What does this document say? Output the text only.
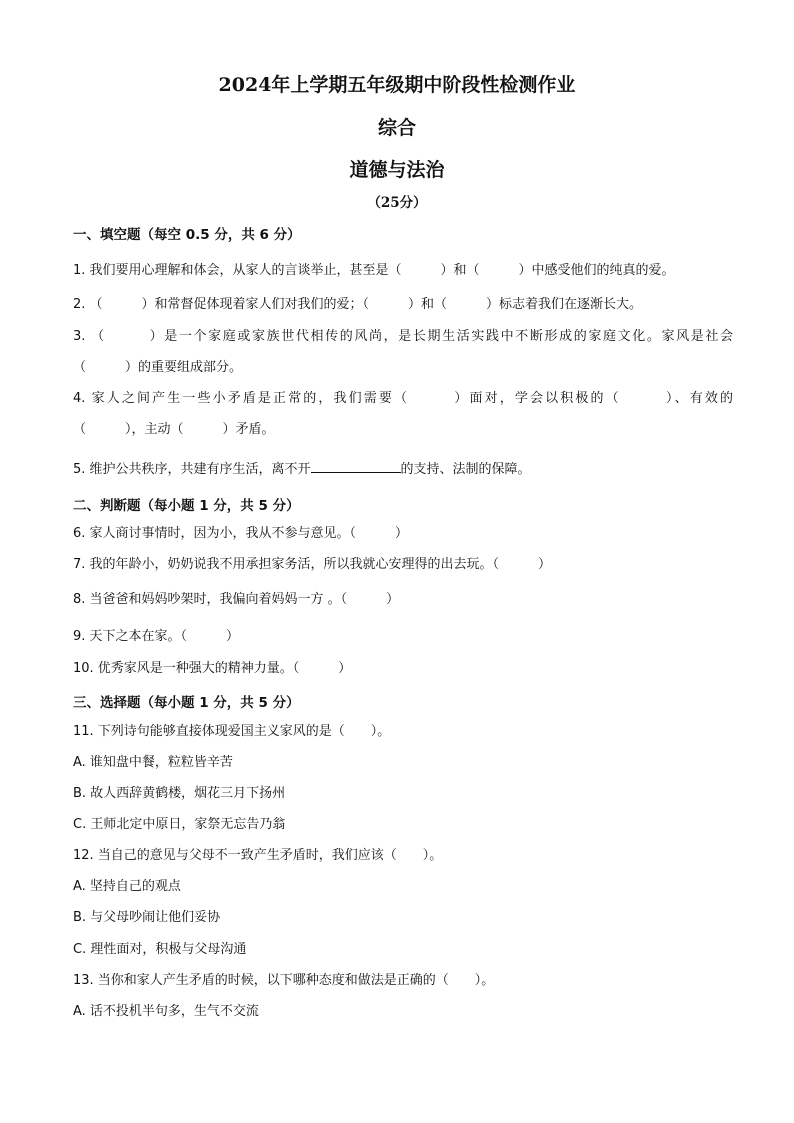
2024年上学期五年级期中阶段性检测作业
综合
道德与法治
（25分）
一、填空题（每空 0.5 分，共 6 分）
1. 我们要用心理解和体会，从家人的言谈举止，甚至是（　　　）和（　　　）中感受他们的纯真的爱。
2. （　　　）和常督促体现着家人们对我们的爱；（　　　）和（　　　）标志着我们在逐渐长大。
3. （　　　）是一个家庭或家族世代相传的风尚，是长期生活实践中不断形成的家庭文化。家风是社会
（　　　）的重要组成部分。
4. 家人之间产生一些小矛盾是正常的，我们需要（　　　）面对，学会以积极的（　　　）、有效的
（　　　），主动（　　　）矛盾。
5. 维护公共秩序，共建有序生活，离不开	的支持、法制的保障。
二、判断题（每小题 1 分，共 5 分）
6. 家人商讨事情时，因为小，我从不参与意见。（　　　）
7. 我的年龄小，奶奶说我不用承担家务活，所以我就心安理得的出去玩。（　　　）
8. 当爸爸和妈妈吵架时，我偏向着妈妈一方 。（　　　）
9. 天下之本在家。（　　　）
10. 优秀家风是一种强大的精神力量。（　　　）
三、选择题（每小题 1 分，共 5 分）
11. 下列诗句能够直接体现爱国主义家风的是（　　）。
A. 谁知盘中餐，粒粒皆辛苦
B. 故人西辞黄鹤楼，烟花三月下扬州
C. 王师北定中原日，家祭无忘告乃翁
12. 当自己的意见与父母不一致产生矛盾时，我们应该（　　）。
A. 坚持自己的观点
B. 与父母吵闹让他们妥协
C. 理性面对，积极与父母沟通
13. 当你和家人产生矛盾的时候，以下哪种态度和做法是正确的（　　）。
A. 话不投机半句多，生气不交流
